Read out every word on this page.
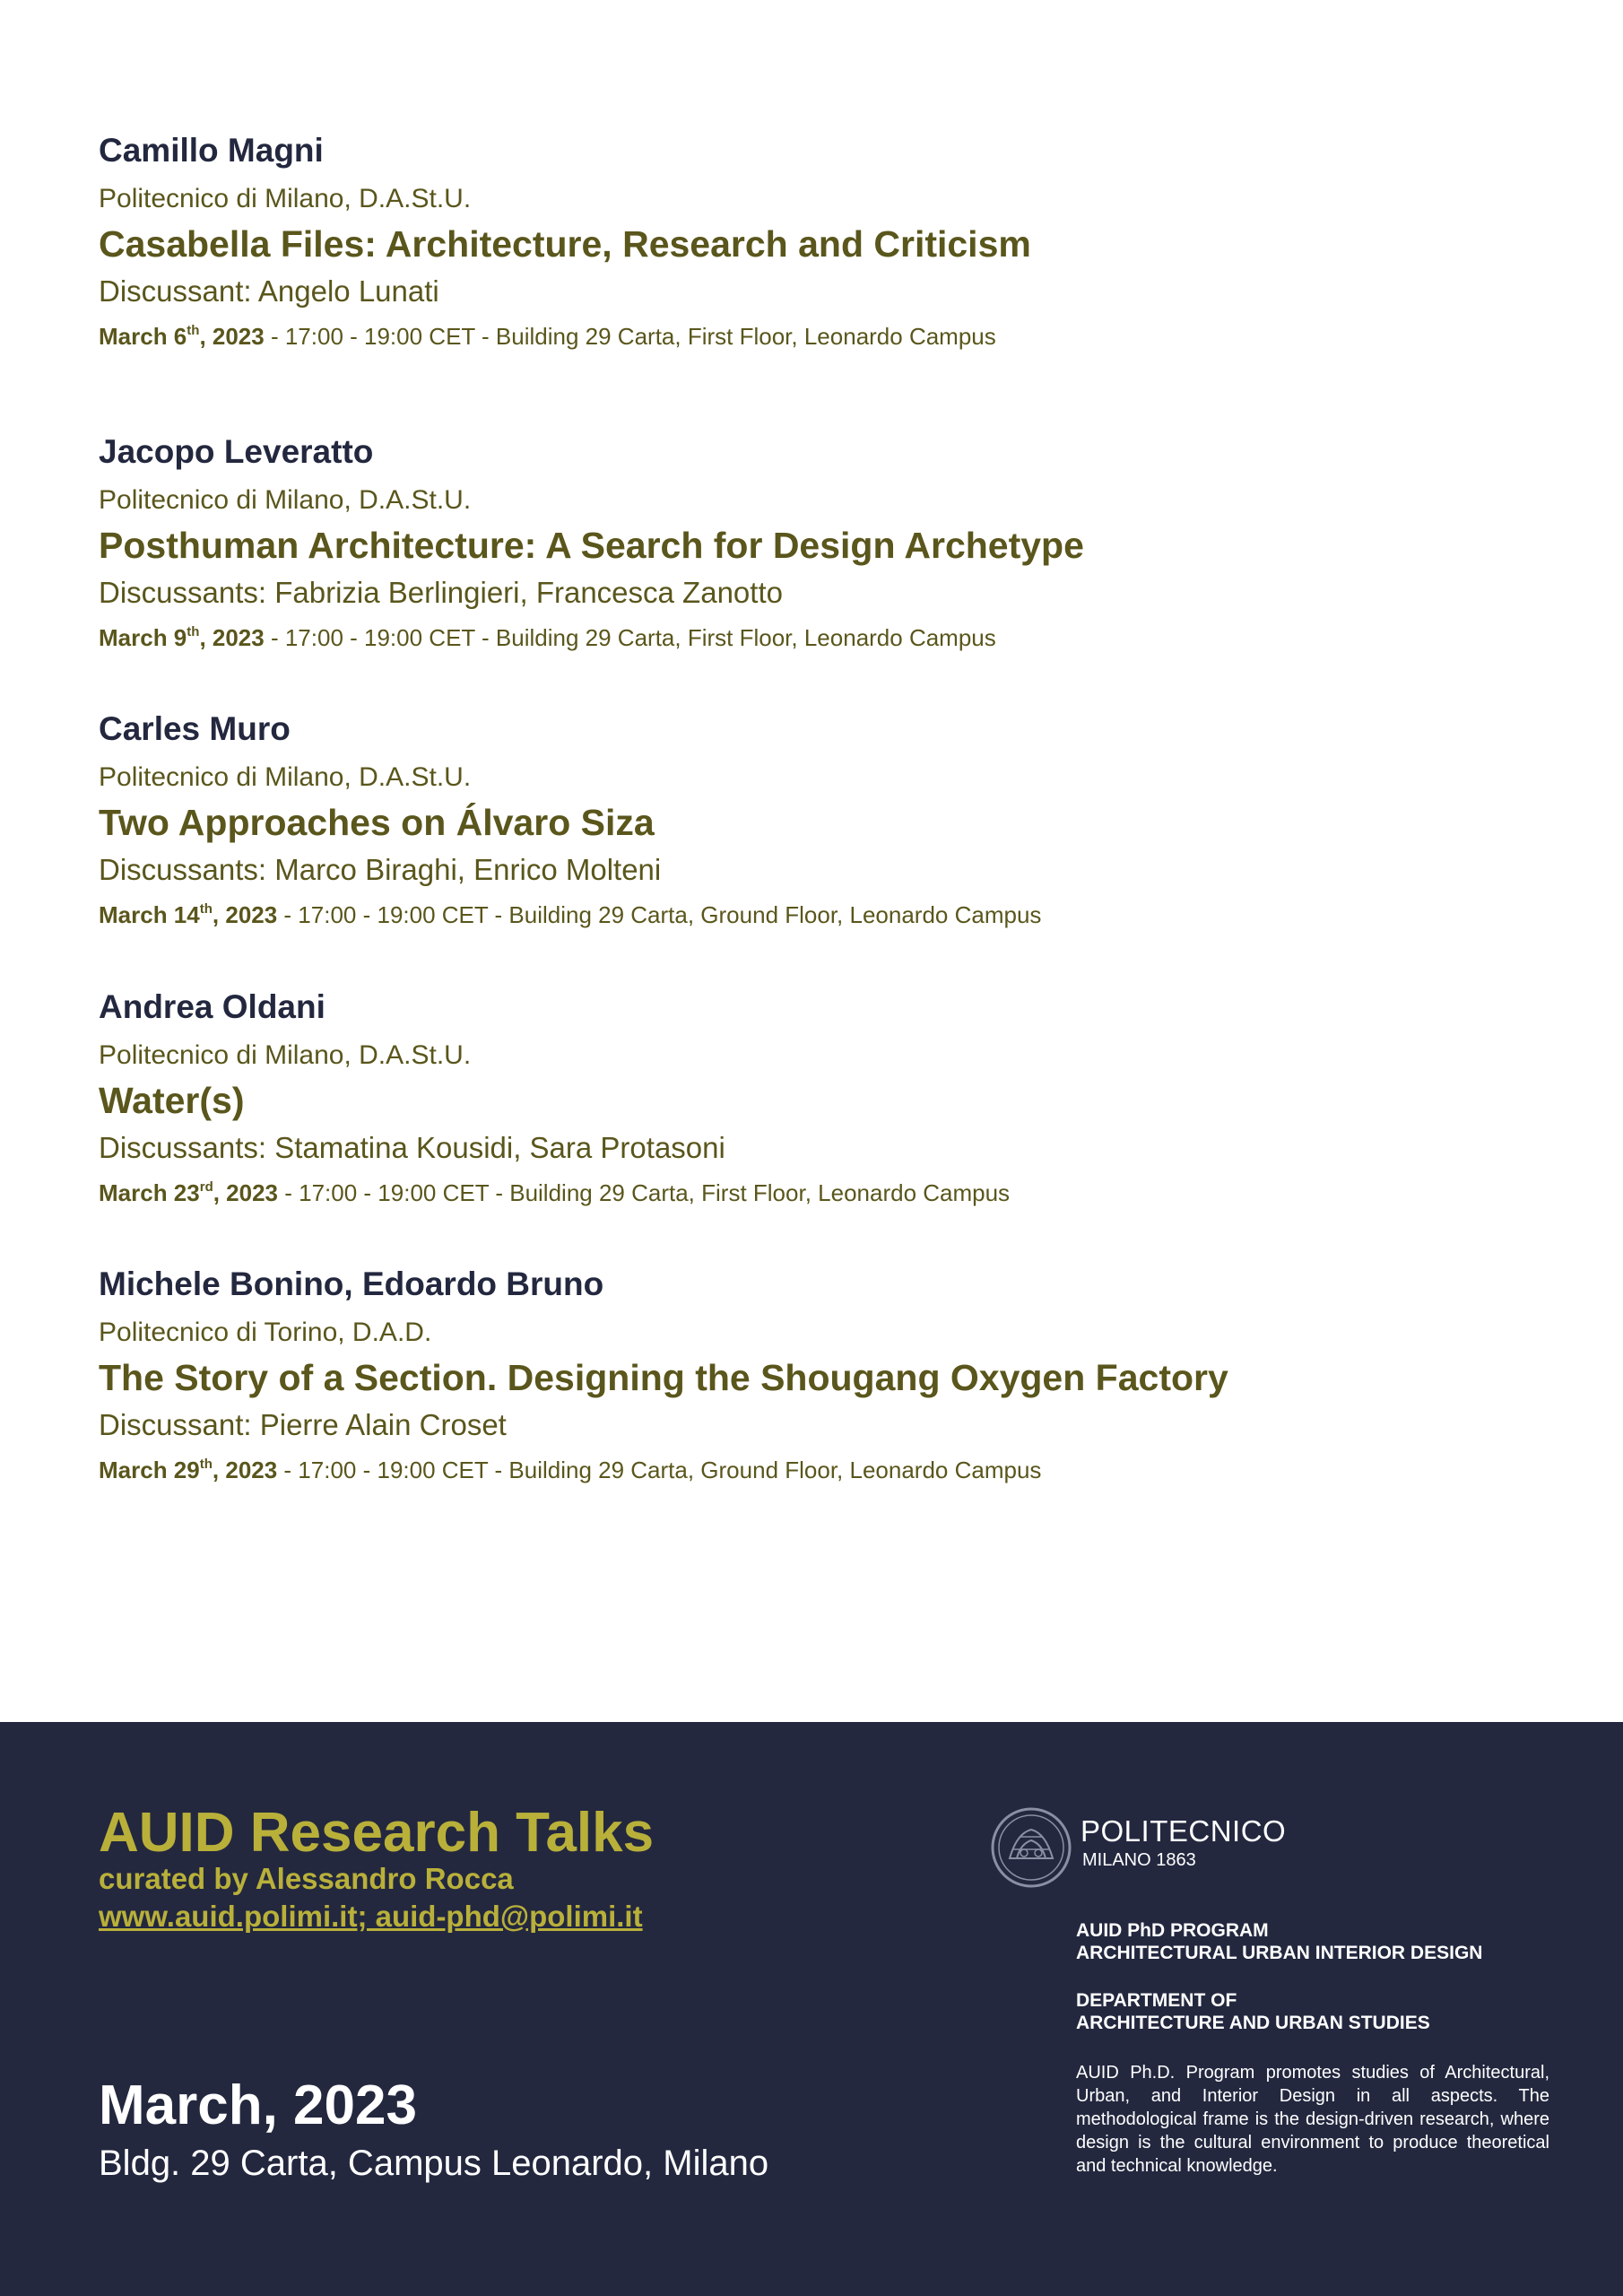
Camillo Magni
Politecnico di Milano, D.A.St.U.
Casabella Files: Architecture, Research and Criticism
Discussant: Angelo Lunati
March 6th, 2023 - 17:00 - 19:00 CET - Building 29 Carta, First Floor, Leonardo Campus
Jacopo Leveratto
Politecnico di Milano, D.A.St.U.
Posthuman Architecture: A Search for Design Archetype
Discussants: Fabrizia Berlingieri, Francesca Zanotto
March 9th, 2023 - 17:00 - 19:00 CET - Building 29 Carta, First Floor, Leonardo Campus
Carles Muro
Politecnico di Milano, D.A.St.U.
Two Approaches on Álvaro Siza
Discussants: Marco Biraghi, Enrico Molteni
March 14th, 2023 - 17:00 - 19:00 CET - Building 29 Carta, Ground Floor, Leonardo Campus
Andrea Oldani
Politecnico di Milano, D.A.St.U.
Water(s)
Discussants: Stamatina Kousidi, Sara Protasoni
March 23rd, 2023 - 17:00 - 19:00 CET - Building 29 Carta, First Floor, Leonardo Campus
Michele Bonino, Edoardo Bruno
Politecnico di Torino, D.A.D.
The Story of a Section. Designing the Shougang Oxygen Factory
Discussant: Pierre Alain Croset
March 29th, 2023 - 17:00 - 19:00 CET - Building 29 Carta, Ground Floor, Leonardo Campus
AUID Research Talks
curated by Alessandro Rocca
www.auid.polimi.it; auid-phd@polimi.it
March, 2023
Bldg. 29 Carta, Campus Leonardo, Milano
POLITECNICO
MILANO 1863
AUID PhD PROGRAM
ARCHITECTURAL URBAN INTERIOR DESIGN
DEPARTMENT OF
ARCHITECTURE AND URBAN STUDIES
AUID Ph.D. Program promotes studies of Architectural, Urban, and Interior Design in all aspects. The methodological frame is the design-driven research, where design is the cultural environment to produce theoretical and technical knowledge.
